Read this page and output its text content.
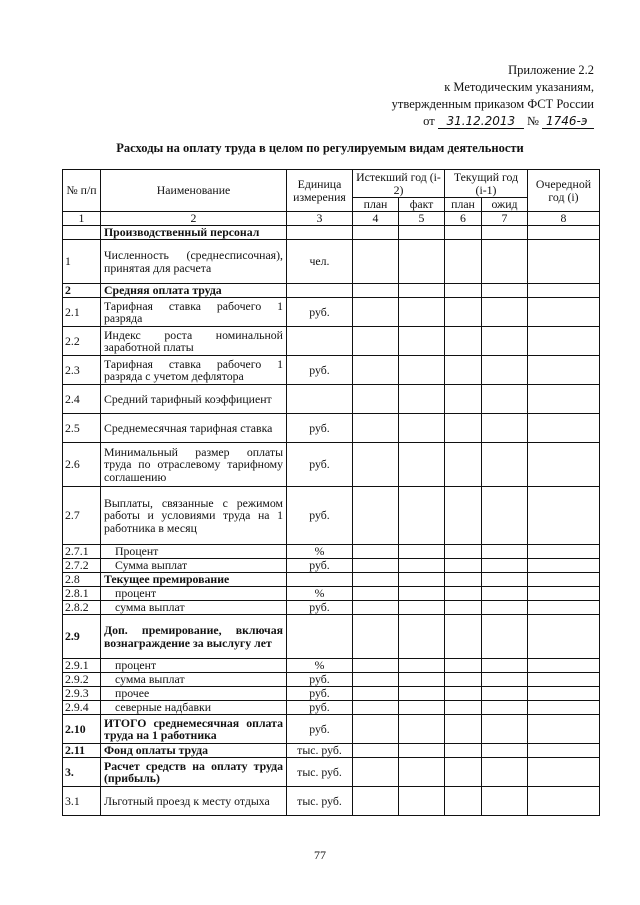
Приложение 2.2
к Методическим указаниям,
утвержденным приказом ФСТ России
от 31.12.2013 № 1746-э
Расходы на оплату труда в целом по регулируемым видам деятельности
№ п/п	Наименование	Единица измерения	Истекший год (i-2)		Текущий год (i-1)		Очередной год (i)
			план	факт	план	ожид	
1	2	3	4	5	6	7	8
	Производственный персонал						
1	Численность (среднесписочная), принятая для расчета	чел.					
2	Средняя оплата труда						
2.1	Тарифная ставка рабочего 1 разряда	руб.					
2.2	Индекс роста номинальной заработной платы						
2.3	Тарифная ставка рабочего 1 разряда с учетом дефлятора	руб.					
2.4	Средний тарифный коэффициент						
2.5	Среднемесячная тарифная ставка	руб.					
2.6	Минимальный размер оплаты труда по отраслевому тарифному соглашению	руб.					
2.7	Выплаты, связанные с режимом работы и условиями труда на 1 работника в месяц	руб.					
2.7.1	Процент	%					
2.7.2	Сумма выплат	руб.					
2.8	Текущее премирование						
2.8.1	процент	%					
2.8.2	сумма выплат	руб.					
2.9	Доп. премирование, включая вознаграждение за выслугу лет						
2.9.1	процент	%					
2.9.2	сумма выплат	руб.					
2.9.3	прочее	руб.					
2.9.4	северные надбавки	руб.					
2.10	ИТОГО среднемесячная оплата труда на 1 работника	руб.					
2.11	Фонд оплаты труда	тыс. руб.					
3.	Расчет средств на оплату труда (прибыль)	тыс. руб.					
3.1	Льготный проезд к месту отдыха	тыс. руб.					
77
